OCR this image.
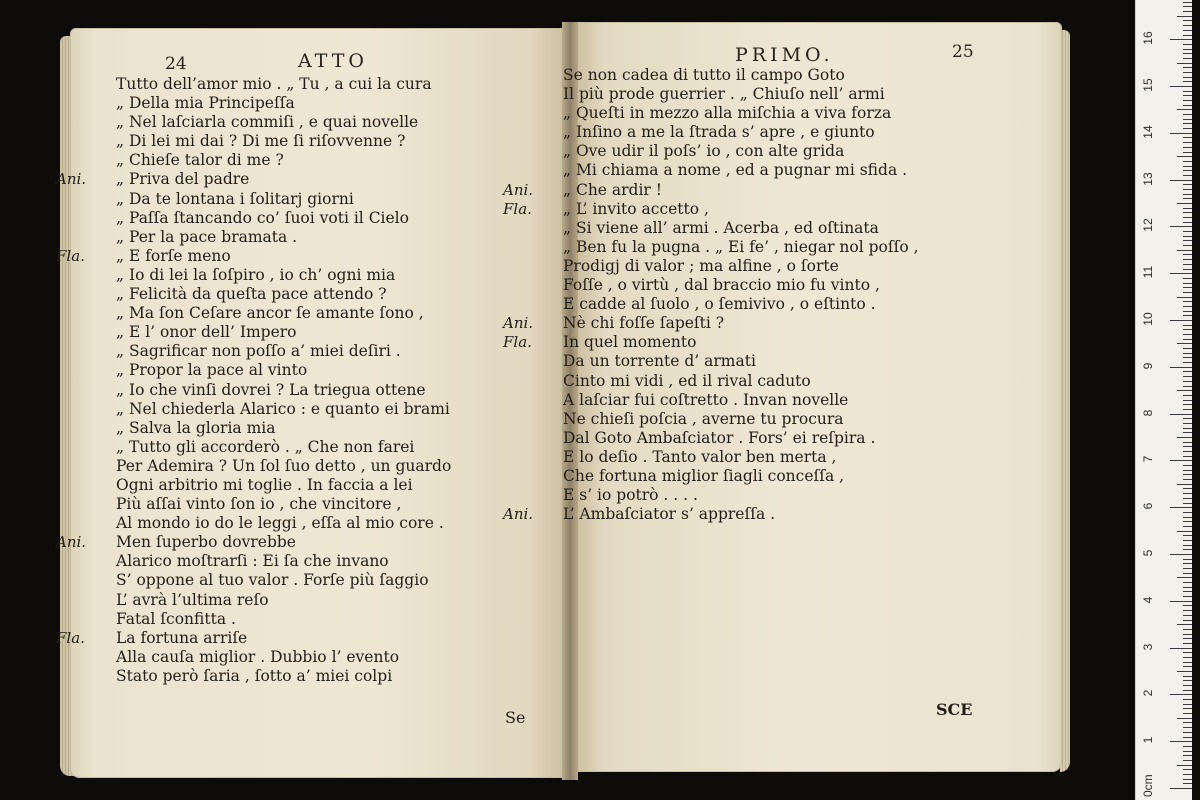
24	ATTO	PRIMO.	25
Tutto dell’amor mio . „ Tu , a cui la cura
„ Della mia Principeſſa
„ Nel laſciarla commiſi , e quai novelle
„ Di lei mi dai ? Di me ſi riſovvenne ?
„ Chieſe talor di me ?
Ani. „ Priva del padre
„ Da te lontana i ſolitarj giorni
„ Paſſa ſtancando co’ ſuoi voti il Cielo
„ Per la pace bramata .
Fla. „ E forſe meno
„ Io di lei la ſoſpiro , io ch’ ogni mia
„ Felicità da queſta pace attendo ?
„ Ma ſon Ceſare ancor ſe amante ſono ,
„ E l’ onor dell’ Impero
„ Sagrificar non poſſo a’ miei deſiri .
„ Propor la pace al vinto
„ Io che vinſi dovrei ? La triegua ottene
„ Nel chiederla Alarico : e quanto ei brami
„ Salva la gloria mia
„ Tutto gli accorderò . „ Che non farei
Per Ademira ? Un ſol ſuo detto , un guardo
Ogni arbitrio mi toglie . In faccia a lei
Più aſſai vinto ſon io , che vincitore ,
Al mondo io do le leggi , eſſa al mio core .
Ani. Men ſuperbo dovrebbe
Alarico moſtrarſi : Ei ſa che invano
S’ oppone al tuo valor . Forſe più ſaggio
L’ avrà l’ultima reſo
Fatal ſconfitta .
Fla. La fortuna arriſe
Alla cauſa miglior . Dubbio l’ evento
Stato però ſaria , ſotto a’ miei colpi
Se non cadea di tutto il campo Goto
Il più prode guerrier . „ Chiuſo nell’ armi
„ Queſti in mezzo alla miſchia a viva forza
„ Inſino a me la ſtrada s’ apre , e giunto
„ Ove udir il poſs’ io , con alte grida
„ Mi chiama a nome , ed a pugnar mi sfida .
Ani. „ Che ardir !
Fla. „ L’ invito accetto ,
„ Si viene all’ armi . Acerba , ed oſtinata
„ Ben fu la pugna . „ Ei fe’ , niegar nol poſſo ,
Prodigj di valor ; ma alfine , o ſorte
Foſſe , o virtù , dal braccio mio fu vinto ,
E cadde al ſuolo , o ſemivivo , o eſtinto .
Ani. Nè chi foſſe ſapeſti ?
Fla. In quel momento
Da un torrente d’ armati
Cinto mi vidi , ed il rival caduto
A laſciar fui coſtretto . Invan novelle
Ne chieſi poſcia , averne tu procura
Dal Goto Ambaſciator . Fors’ ei reſpira .
E lo deſio . Tanto valor ben merta ,
Che fortuna miglior ſiagli conceſſa ,
E s’ io potrò . . . .
Ani. L’ Ambaſciator s’ appreſſa .
Se	SCE
0cm
1
2
3
4
5
6
7
8
9
10
11
12
13
14
15
16
